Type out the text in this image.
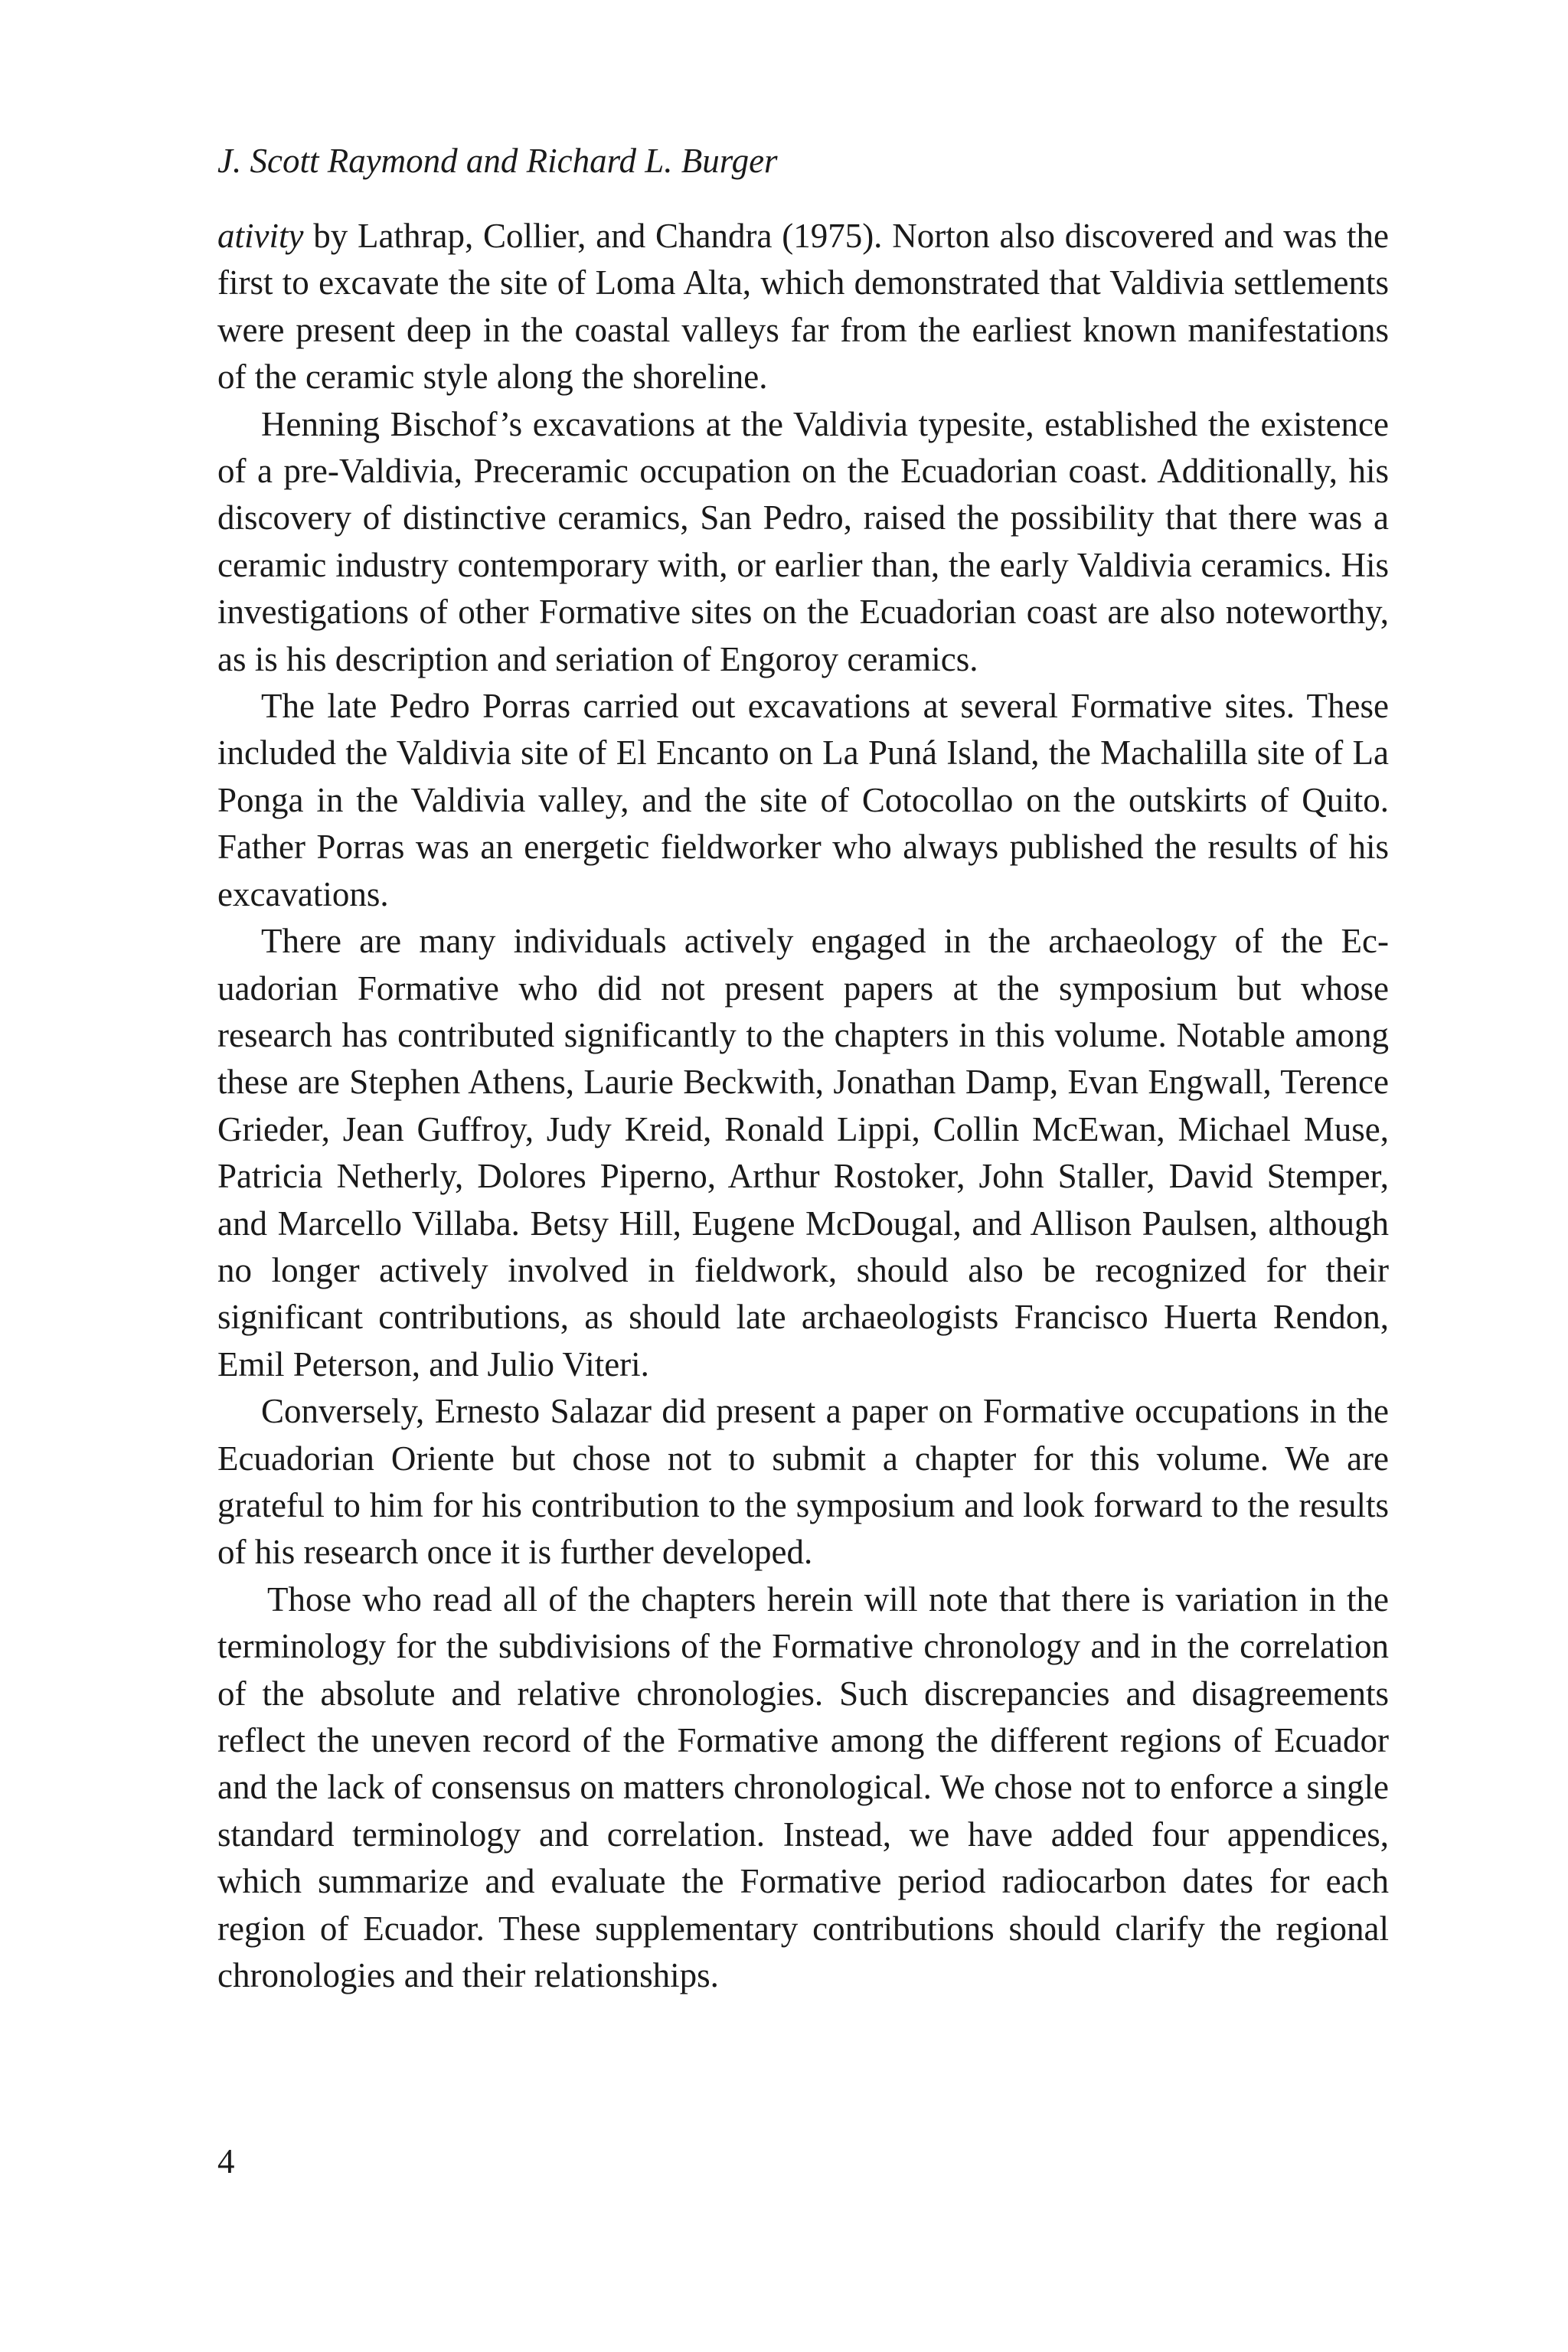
J. Scott Raymond and Richard L. Burger

ativity by Lathrap, Collier, and Chandra (1975). Norton also discovered and was the first to excavate the site of Loma Alta, which demonstrated that Valdivia settlements were present deep in the coastal valleys far from the earliest known manifestations of the ceramic style along the shoreline.

Henning Bischof’s excavations at the Valdivia typesite, established the existence of a pre-Valdivia, Preceramic occupation on the Ecuadorian coast. Additionally, his discovery of distinctive ceramics, San Pedro, raised the possibility that there was a ceramic industry contemporary with, or earlier than, the early Valdivia ceramics. His investigations of other Formative sites on the Ecuadorian coast are also noteworthy, as is his description and seriation of Engoroy ceramics.

The late Pedro Porras carried out excavations at several Formative sites. These included the Valdivia site of El Encanto on La Puná Island, the Machalilla site of La Ponga in the Valdivia valley, and the site of Cotocollao on the outskirts of Quito. Father Porras was an energetic fieldworker who always published the results of his excavations.

There are many individuals actively engaged in the archaeology of the Ecuadorian Formative who did not present papers at the symposium but whose research has contributed significantly to the chapters in this volume. Notable among these are Stephen Athens, Laurie Beckwith, Jonathan Damp, Evan Engwall, Terence Grieder, Jean Guffroy, Judy Kreid, Ronald Lippi, Collin McEwan, Michael Muse, Patricia Netherly, Dolores Piperno, Arthur Rostoker, John Staller, David Stemper, and Marcello Villaba. Betsy Hill, Eugene McDougal, and Allison Paulsen, although no longer actively involved in fieldwork, should also be recognized for their significant contributions, as should late archaeologists Francisco Huerta Rendon, Emil Peterson, and Julio Viteri.

Conversely, Ernesto Salazar did present a paper on Formative occupations in the Ecuadorian Oriente but chose not to submit a chapter for this volume. We are grateful to him for his contribution to the symposium and look forward to the results of his research once it is further developed.

Those who read all of the chapters herein will note that there is variation in the terminology for the subdivisions of the Formative chronology and in the correlation of the absolute and relative chronologies. Such discrepancies and disagreements reflect the uneven record of the Formative among the different regions of Ecuador and the lack of consensus on matters chronological. We chose not to enforce a single standard terminology and correlation. Instead, we have added four appendices, which summarize and evaluate the Formative period radiocarbon dates for each region of Ecuador. These supplementary contributions should clarify the regional chronologies and their relationships.

4
